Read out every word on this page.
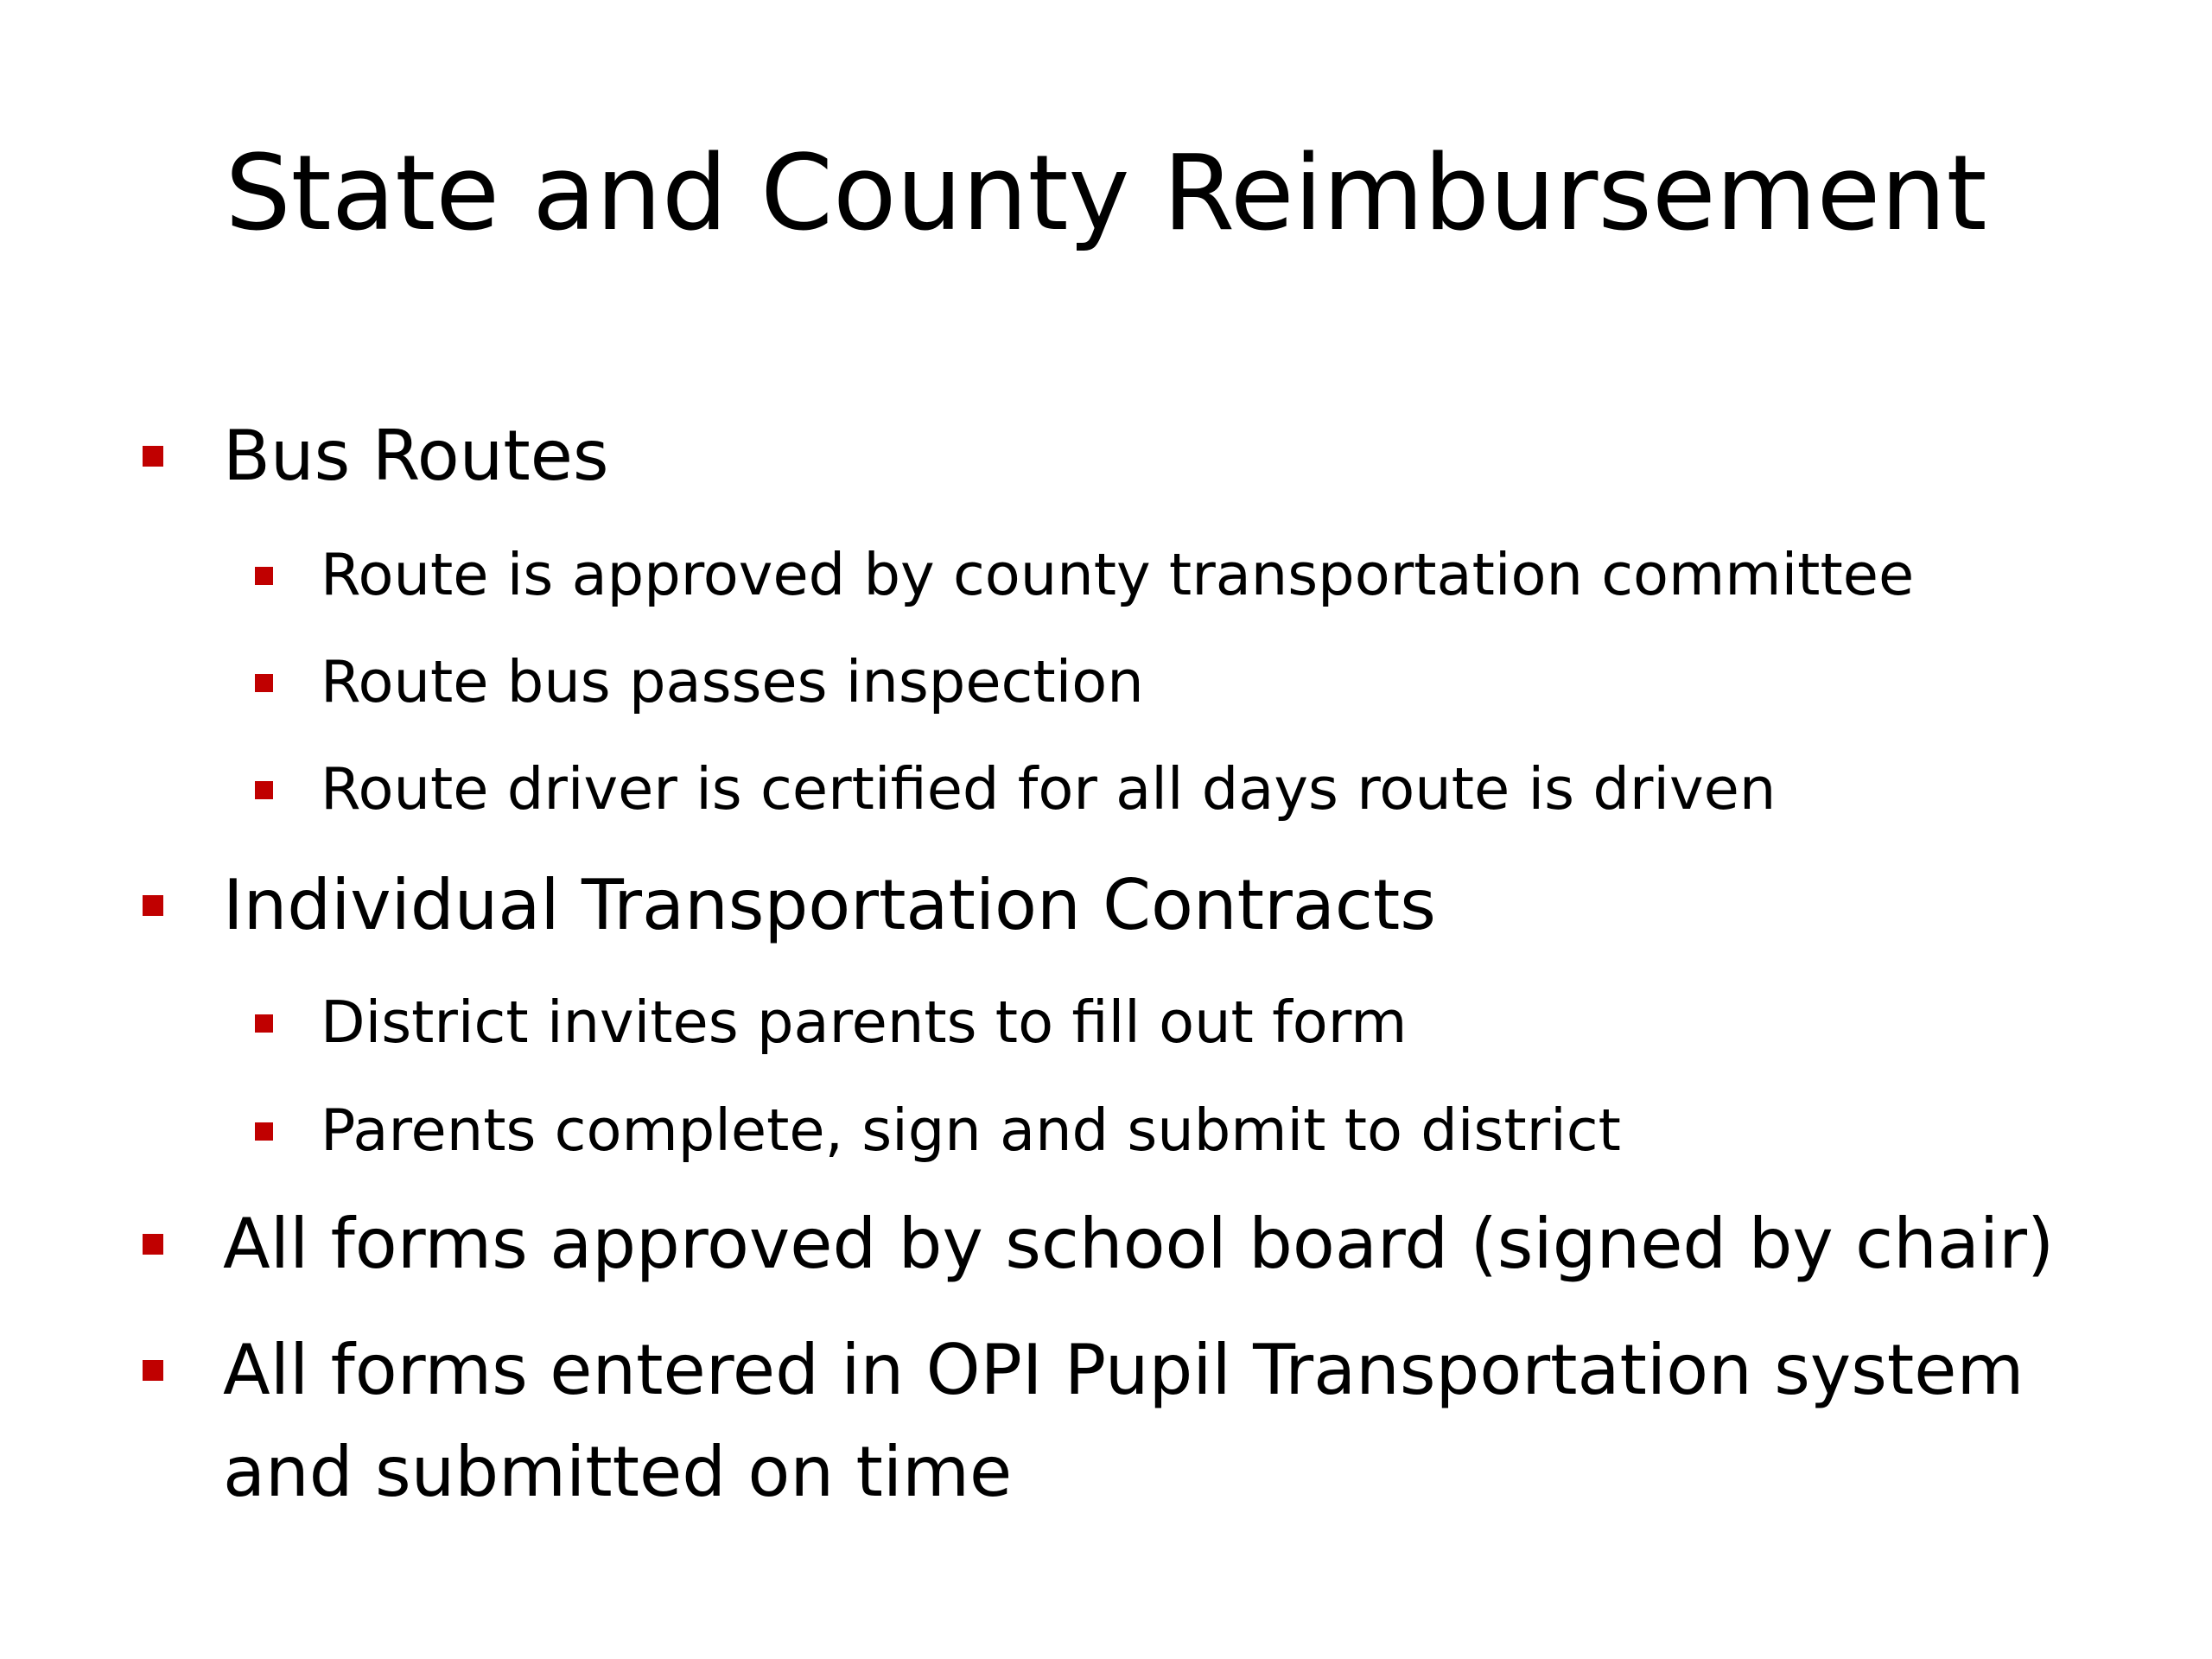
State and County Reimbursement
Bus Routes
Route is approved by county transportation committee
Route bus passes inspection
Route driver is certified for all days route is driven
Individual Transportation Contracts
District invites parents to fill out form
Parents complete, sign and submit to district
All forms approved by school board (signed by chair)
All forms entered in OPI Pupil Transportation system
and submitted on time
